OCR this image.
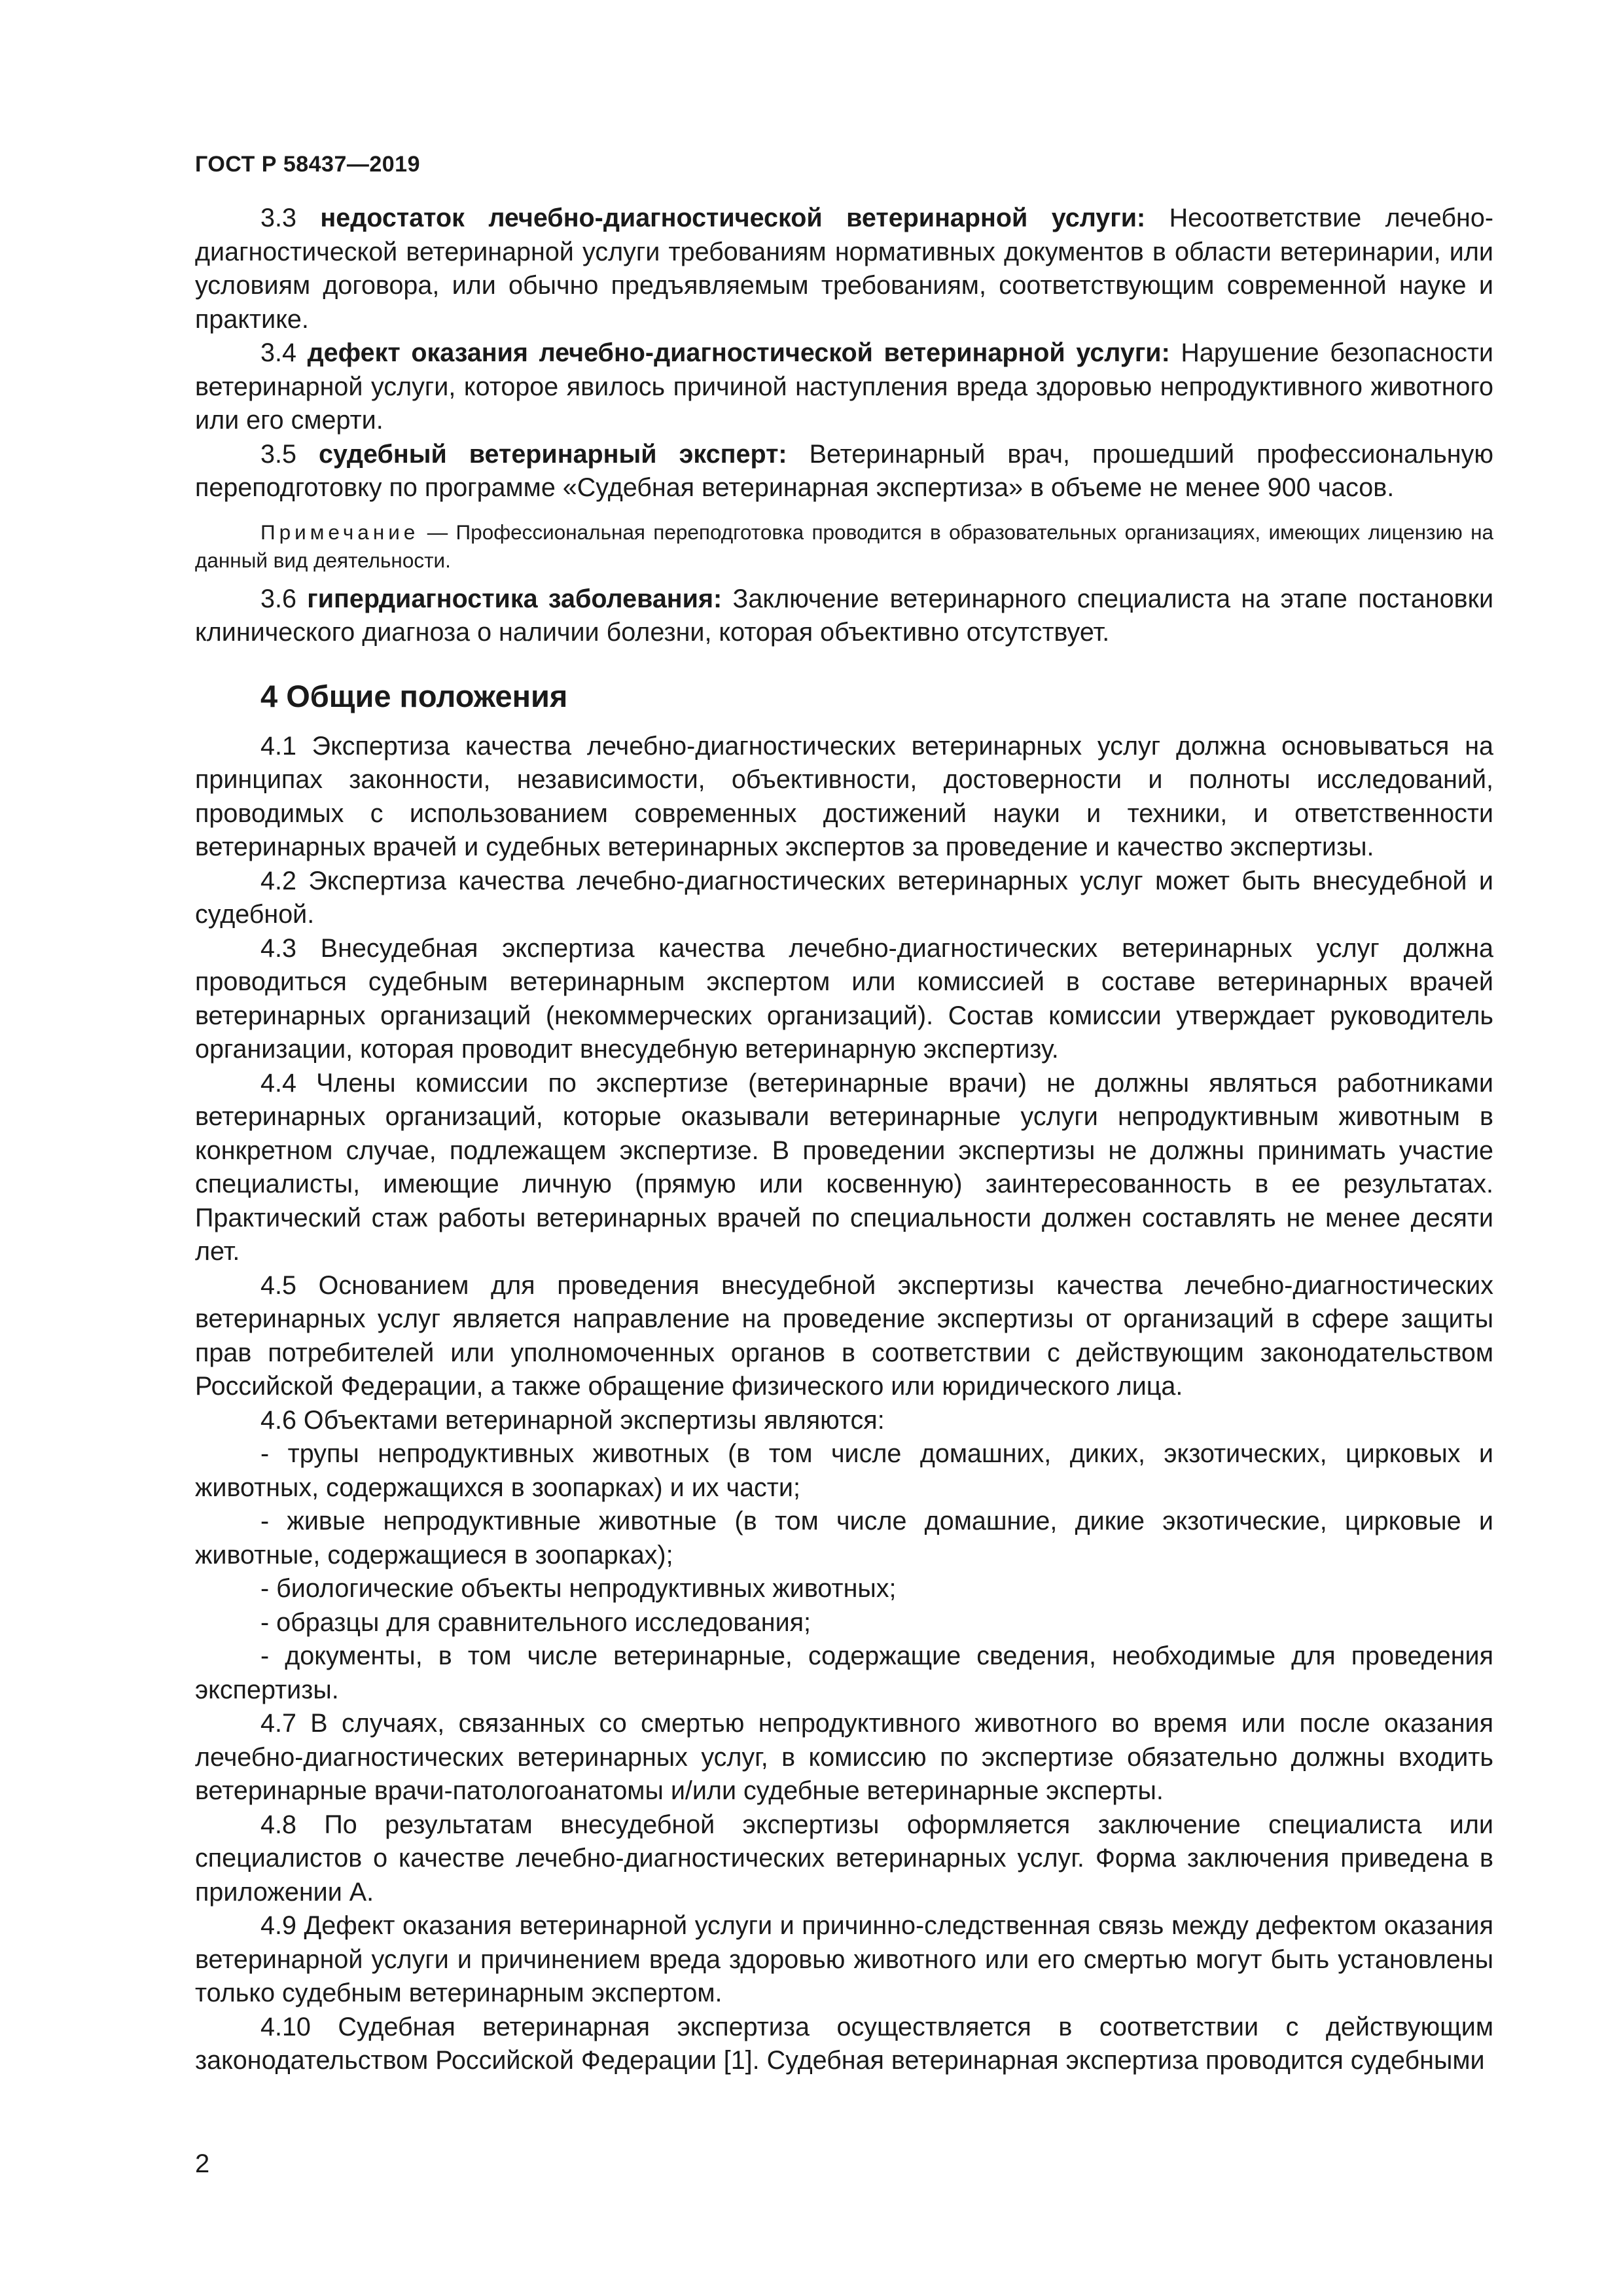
ГОСТ Р 58437—2019

3.3 недостаток лечебно-диагностической ветеринарной услуги: Несоответствие лечебно-диагностической ветеринарной услуги требованиям нормативных документов в области ветеринарии, или условиям договора, или обычно предъявляемым требованиям, соответствующим современной науке и практике.

3.4 дефект оказания лечебно-диагностической ветеринарной услуги: Нарушение безопасности ветеринарной услуги, которое явилось причиной наступления вреда здоровью непродуктивного животного или его смерти.

3.5 судебный ветеринарный эксперт: Ветеринарный врач, прошедший профессиональную переподготовку по программе «Судебная ветеринарная экспертиза» в объеме не менее 900 часов.

Примечание — Профессиональная переподготовка проводится в образовательных организациях, имеющих лицензию на данный вид деятельности.

3.6 гипердиагностика заболевания: Заключение ветеринарного специалиста на этапе постановки клинического диагноза о наличии болезни, которая объективно отсутствует.

4 Общие положения

4.1 Экспертиза качества лечебно-диагностических ветеринарных услуг должна основываться на принципах законности, независимости, объективности, достоверности и полноты исследований, проводимых с использованием современных достижений науки и техники, и ответственности ветеринарных врачей и судебных ветеринарных экспертов за проведение и качество экспертизы.

4.2 Экспертиза качества лечебно-диагностических ветеринарных услуг может быть внесудебной и судебной.

4.3 Внесудебная экспертиза качества лечебно-диагностических ветеринарных услуг должна проводиться судебным ветеринарным экспертом или комиссией в составе ветеринарных врачей ветеринарных организаций (некоммерческих организаций). Состав комиссии утверждает руководитель организации, которая проводит внесудебную ветеринарную экспертизу.

4.4 Члены комиссии по экспертизе (ветеринарные врачи) не должны являться работниками ветеринарных организаций, которые оказывали ветеринарные услуги непродуктивным животным в конкретном случае, подлежащем экспертизе. В проведении экспертизы не должны принимать участие специалисты, имеющие личную (прямую или косвенную) заинтересованность в ее результатах. Практический стаж работы ветеринарных врачей по специальности должен составлять не менее десяти лет.

4.5 Основанием для проведения внесудебной экспертизы качества лечебно-диагностических ветеринарных услуг является направление на проведение экспертизы от организаций в сфере защиты прав потребителей или уполномоченных органов в соответствии с действующим законодательством Российской Федерации, а также обращение физического или юридического лица.

4.6 Объектами ветеринарной экспертизы являются:

- трупы непродуктивных животных (в том числе домашних, диких, экзотических, цирковых и животных, содержащихся в зоопарках) и их части;

- живые непродуктивные животные (в том числе домашние, дикие экзотические, цирковые и животные, содержащиеся в зоопарках);

- биологические объекты непродуктивных животных;

- образцы для сравнительного исследования;

- документы, в том числе ветеринарные, содержащие сведения, необходимые для проведения экспертизы.

4.7 В случаях, связанных со смертью непродуктивного животного во время или после оказания лечебно-диагностических ветеринарных услуг, в комиссию по экспертизе обязательно должны входить ветеринарные врачи-патологоанатомы и/или судебные ветеринарные эксперты.

4.8 По результатам внесудебной экспертизы оформляется заключение специалиста или специалистов о качестве лечебно-диагностических ветеринарных услуг. Форма заключения приведена в приложении А.

4.9 Дефект оказания ветеринарной услуги и причинно-следственная связь между дефектом оказания ветеринарной услуги и причинением вреда здоровью животного или его смертью могут быть установлены только судебным ветеринарным экспертом.

4.10 Судебная ветеринарная экспертиза осуществляется в соответствии с действующим законодательством Российской Федерации [1]. Судебная ветеринарная экспертиза проводится судебными

2
